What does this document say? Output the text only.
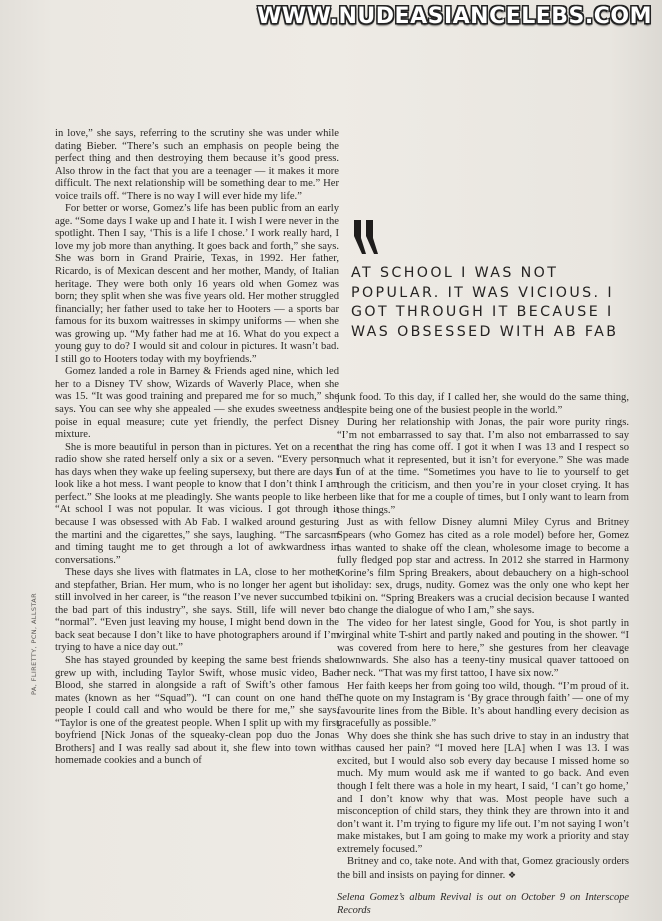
WWW.NUDEASIANCELEBS.COM

in love,” she says, referring to the scrutiny she was under while dating Bieber. “There’s such an emphasis on people being the perfect thing and then destroying them because it’s good press. Also throw in the fact that you are a teenager — it makes it more difficult. The next relationship will be something dear to me.” Her voice trails off. “There is no way I will ever hide my life.”

For better or worse, Gomez’s life has been public from an early age. “Some days I wake up and I hate it. I wish I were never in the spotlight. Then I say, ‘This is a life I chose.’ I work really hard, I love my job more than anything. It goes back and forth,” she says. She was born in Grand Prairie, Texas, in 1992. Her father, Ricardo, is of Mexican descent and her mother, Mandy, of Italian heritage. They were both only 16 years old when Gomez was born; they split when she was five years old. Her mother struggled financially; her father used to take her to Hooters — a sports bar famous for its buxom waitresses in skimpy uniforms — when she was growing up. “My father had me at 16. What do you expect a young guy to do? I would sit and colour in pictures. It wasn’t bad. I still go to Hooters today with my boyfriends.”

Gomez landed a role in Barney & Friends aged nine, which led her to a Disney TV show, Wizards of Waverly Place, when she was 15. “It was good training and prepared me for so much,” she says. You can see why she appealed — she exudes sweetness and poise in equal measure; cute yet friendly, the perfect Disney mixture.

She is more beautiful in person than in pictures. Yet on a recent radio show she rated herself only a six or a seven. “Every person has days when they wake up feeling supersexy, but there are days I look like a hot mess. I want people to know that I don’t think I am perfect.” She looks at me pleadingly. She wants people to like her. “At school I was not popular. It was vicious. I got through it because I was obsessed with Ab Fab. I walked around gesturing the martini and the cigarettes,” she says, laughing. “The sarcasm and timing taught me to get through a lot of awkwardness in conversations.”

These days she lives with flatmates in LA, close to her mother and stepfather, Brian. Her mum, who is no longer her agent but is still involved in her career, is “the reason I’ve never succumbed to the bad part of this industry”, she says. Still, life will never be “normal”. “Even just leaving my house, I might bend down in the back seat because I don’t like to have photographers around if I’m trying to have a nice day out.”

She has stayed grounded by keeping the same best friends she grew up with, including Taylor Swift, whose music video, Bad Blood, she starred in alongside a raft of Swift’s other famous mates (known as her “Squad”). “I can count on one hand the people I could call and who would be there for me,” she says. “Taylor is one of the greatest people. When I split up with my first boyfriend [Nick Jonas of the squeaky-clean pop duo the Jonas Brothers] and I was really sad about it, she flew into town with homemade cookies and a bunch of

AT SCHOOL I WAS NOT POPULAR. IT WAS VICIOUS. I GOT THROUGH IT BECAUSE I WAS OBSESSED WITH AB FAB

junk food. To this day, if I called her, she would do the same thing, despite being one of the busiest people in the world.”

During her relationship with Jonas, the pair wore purity rings. “I’m not embarrassed to say that. I’m also not embarrassed to say that the ring has come off. I got it when I was 13 and I respect so much what it represented, but it isn’t for everyone.” She was made fun of at the time. “Sometimes you have to lie to yourself to get through the criticism, and then you’re in your closet crying. It has been like that for me a couple of times, but I only want to learn from those things.”

Just as with fellow Disney alumni Miley Cyrus and Britney Spears (who Gomez has cited as a role model) before her, Gomez has wanted to shake off the clean, wholesome image to become a fully fledged pop star and actress. In 2012 she starred in Harmony Korine’s film Spring Breakers, about debauchery on a high-school holiday: sex, drugs, nudity. Gomez was the only one who kept her bikini on. “Spring Breakers was a crucial decision because I wanted to change the dialogue of who I am,” she says.

The video for her latest single, Good for You, is shot partly in virginal white T-shirt and partly naked and pouting in the shower. “I was covered from here to here,” she gestures from her cleavage downwards. She also has a teeny-tiny musical quaver tattooed on her neck. “That was my first tattoo, I have six now.”

Her faith keeps her from going too wild, though. “I’m proud of it. The quote on my Instagram is ‘By grace through faith’ — one of my favourite lines from the Bible. It’s about handling every decision as gracefully as possible.”

Why does she think she has such drive to stay in an industry that has caused her pain? “I moved here [LA] when I was 13. I was excited, but I would also sob every day because I missed home so much. My mum would ask me if wanted to go back. And even though I felt there was a hole in my heart, I said, ‘I can’t go home,’ and I don’t know why that was. Most people have such a misconception of child stars, they think they are thrown into it and don’t want it. I’m trying to figure my life out. I’m not saying I won’t make mistakes, but I am going to make my work a priority and stay extremely focused.”

Britney and co, take note. And with that, Gomez graciously orders the bill and insists on paying for dinner. ❖

Selena Gomez’s album Revival is out on October 9 on Interscope Records

PA, FLIRETTY, PCN, ALLSTAR
